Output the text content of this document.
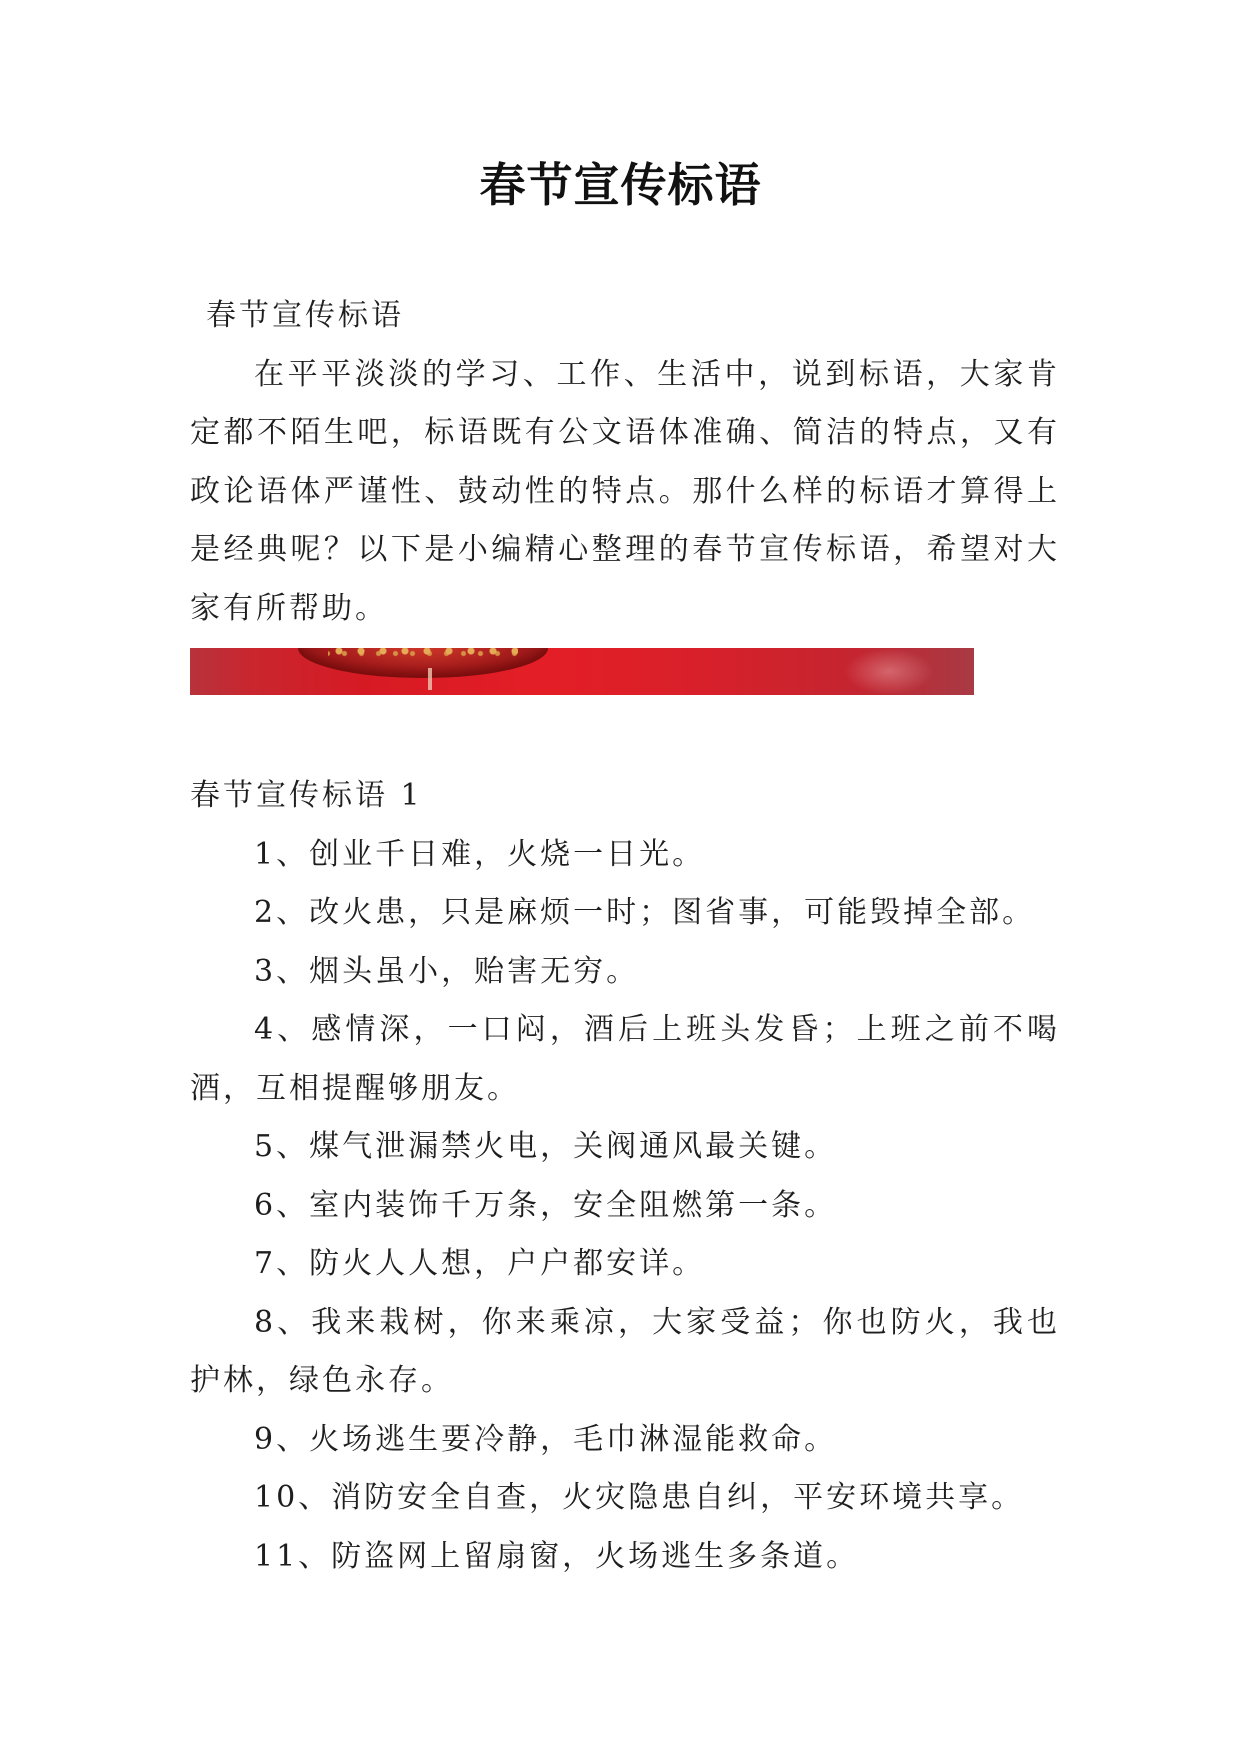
春节宣传标语

春节宣传标语

在平平淡淡的学习、工作、生活中，说到标语，大家肯定都不陌生吧，标语既有公文语体准确、简洁的特点，又有政论语体严谨性、鼓动性的特点。那什么样的标语才算得上是经典呢？以下是小编精心整理的春节宣传标语，希望对大家有所帮助。

春节宣传标语 1

1、创业千日难，火烧一日光。

2、改火患，只是麻烦一时；图省事，可能毁掉全部。

3、烟头虽小，贻害无穷。

4、感情深，一口闷，酒后上班头发昏；上班之前不喝酒，互相提醒够朋友。

5、煤气泄漏禁火电，关阀通风最关键。

6、室内装饰千万条，安全阻燃第一条。

7、防火人人想，户户都安详。

8、我来栽树，你来乘凉，大家受益；你也防火，我也护林，绿色永存。

9、火场逃生要冷静，毛巾淋湿能救命。

10、消防安全自查，火灾隐患自纠，平安环境共享。

11、防盗网上留扇窗，火场逃生多条道。
